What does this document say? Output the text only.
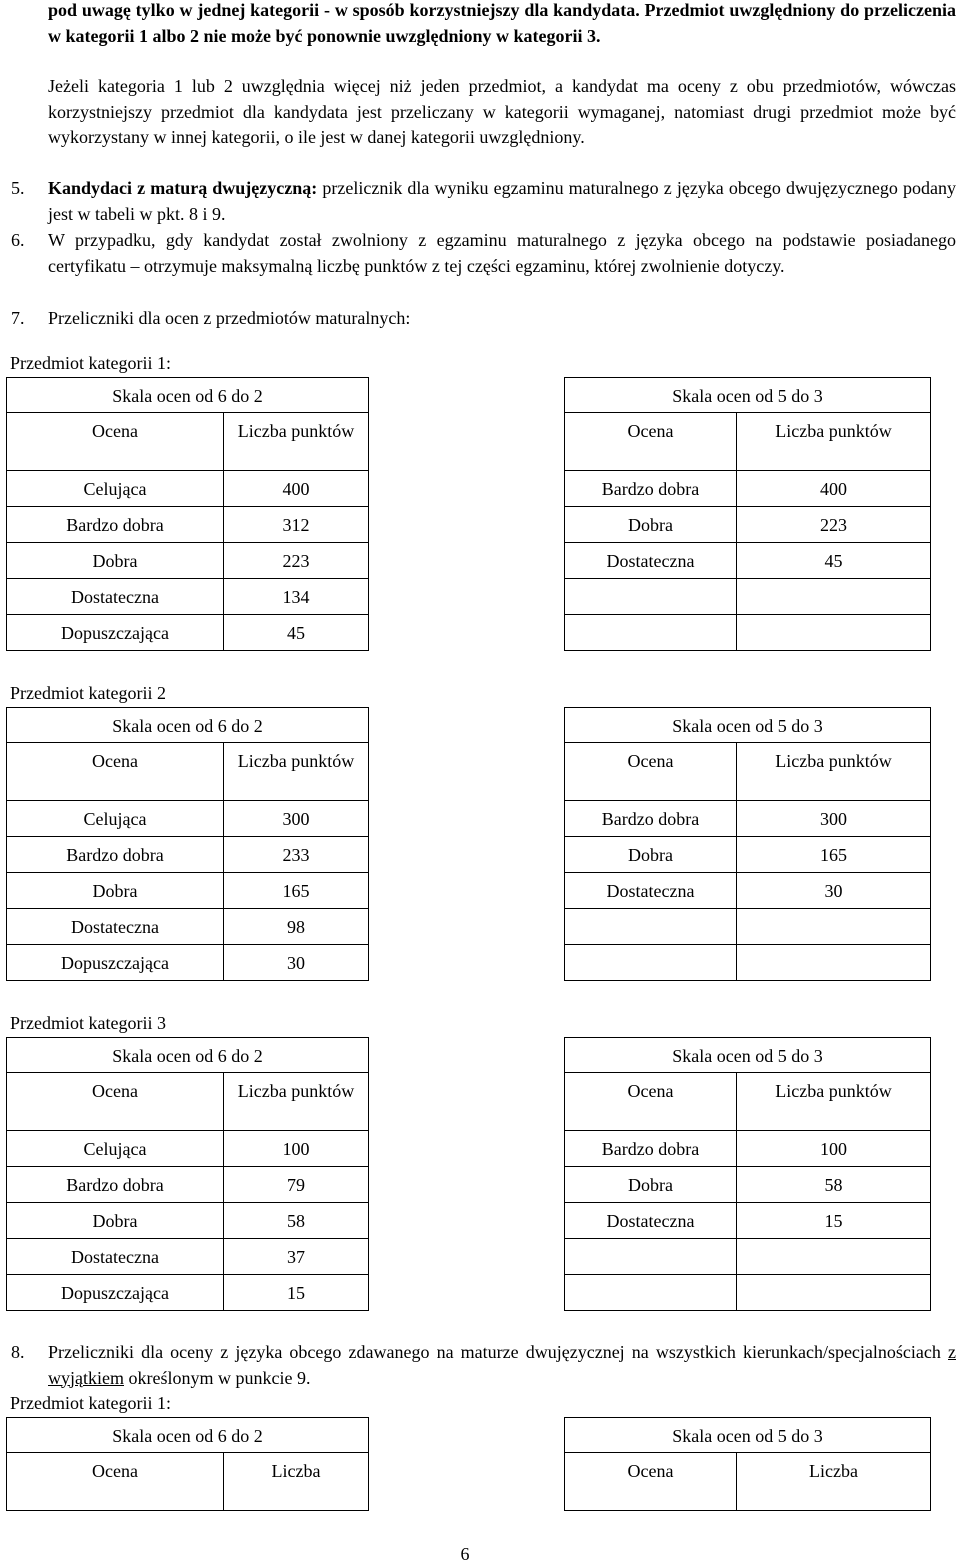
pod uwagę tylko w jednej kategorii - w sposób korzystniejszy dla kandydata. Przedmiot uwzględniony do przeliczenia w kategorii 1 albo 2 nie może być ponownie uwzględniony w kategorii 3.
Jeżeli kategoria 1 lub 2 uwzględnia więcej niż jeden przedmiot, a kandydat ma oceny z obu przedmiotów, wówczas korzystniejszy przedmiot dla kandydata jest przeliczany w kategorii wymaganej, natomiast drugi przedmiot może być wykorzystany w innej kategorii, o ile jest w danej kategorii uwzględniony.
5. Kandydaci z maturą dwujęzyczną: przelicznik dla wyniku egzaminu maturalnego z języka obcego dwujęzycznego podany jest w tabeli w pkt. 8 i 9.
6. W przypadku, gdy kandydat został zwolniony z egzaminu maturalnego z języka obcego na podstawie posiadanego certyfikatu – otrzymuje maksymalną liczbę punktów z tej części egzaminu, której zwolnienie dotyczy.
7. Przeliczniki dla ocen z przedmiotów maturalnych:
Przedmiot kategorii 1:
Skala ocen od 6 do 2	
Ocena	Liczba punktów
Celująca	400
Bardzo dobra	312
Dobra	223
Dostateczna	134
Dopuszczająca	45
Skala ocen od 5 do 3	
Ocena	Liczba punktów
Bardzo dobra	400
Dobra	223
Dostateczna	45

Przedmiot kategorii 2
Skala ocen od 6 do 2	
Ocena	Liczba punktów
Celująca	300
Bardzo dobra	233
Dobra	165
Dostateczna	98
Dopuszczająca	30
Skala ocen od 5 do 3	
Ocena	Liczba punktów
Bardzo dobra	300
Dobra	165
Dostateczna	30

Przedmiot kategorii 3
Skala ocen od 6 do 2	
Ocena	Liczba punktów
Celująca	100
Bardzo dobra	79
Dobra	58
Dostateczna	37
Dopuszczająca	15
Skala ocen od 5 do 3	
Ocena	Liczba punktów
Bardzo dobra	100
Dobra	58
Dostateczna	15

8. Przeliczniki dla oceny z języka obcego zdawanego na maturze dwujęzycznej na wszystkich kierunkach/specjalnościach z wyjątkiem określonym w punkcie 9.
Przedmiot kategorii 1:
Skala ocen od 6 do 2
Ocena	Liczba
Skala ocen od 5 do 3
Ocena	Liczba
6
